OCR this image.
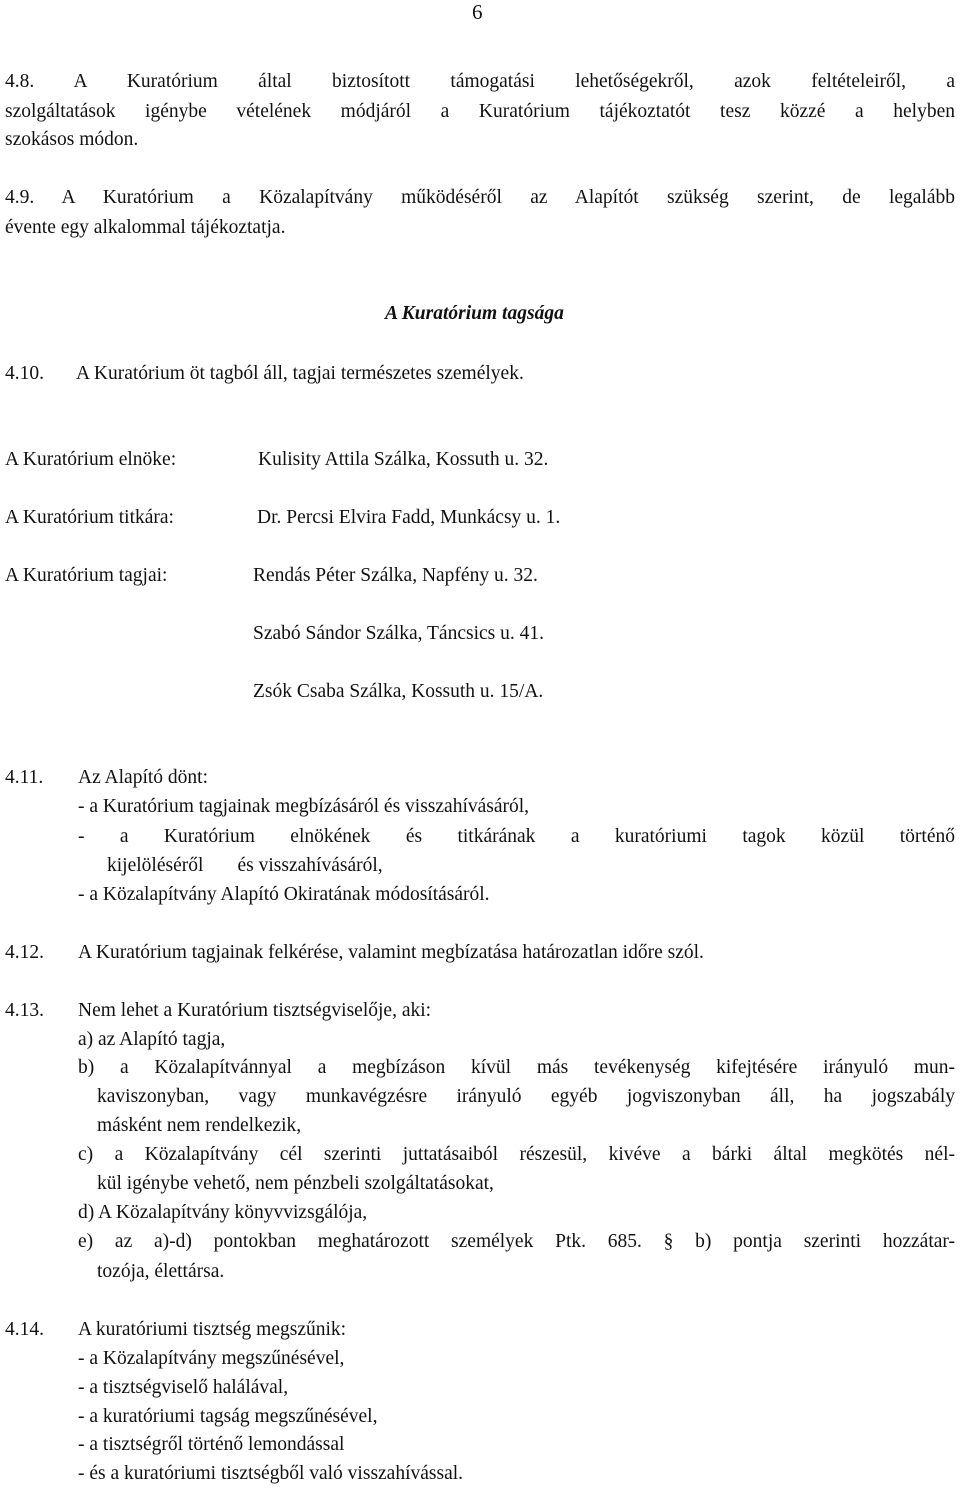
6
4.8. A Kuratórium által biztosított támogatási lehetőségekről, azok feltételeiről, a
szolgáltatások igénybe vételének módjáról a Kuratórium tájékoztatót tesz közzé a helyben
szokásos módon.
4.9. A Kuratórium a Közalapítvány működéséről az Alapítót szükség szerint, de legalább
évente egy alkalommal tájékoztatja.
A Kuratórium tagsága
4.10. A Kuratórium öt tagból áll, tagjai természetes személyek.
A Kuratórium elnöke:	Kulisity Attila Szálka, Kossuth u. 32.
A Kuratórium titkára:	Dr. Percsi Elvira Fadd, Munkácsy u. 1.
A Kuratórium tagjai:	Rendás Péter Szálka, Napfény u. 32.
Szabó Sándor Szálka, Táncsics u. 41.
Zsók Csaba Szálka, Kossuth u. 15/A.
4.11. Az Alapító dönt:
- a Kuratórium tagjainak megbízásáról és visszahívásáról,
- a Kuratórium elnökének és titkárának a kuratóriumi tagok közül történő
kijelöléséről       és visszahívásáról,
- a Közalapítvány Alapító Okiratának módosításáról.
4.12. A Kuratórium tagjainak felkérése, valamint megbízatása határozatlan időre szól.
4.13. Nem lehet a Kuratórium tisztségviselője, aki:
a) az Alapító tagja,
b) a Közalapítvánnyal a megbízáson kívül más tevékenység kifejtésére irányuló mun-
kaviszonyban, vagy munkavégzésre irányuló egyéb jogviszonyban áll, ha jogszabály
másként nem rendelkezik,
c) a Közalapítvány cél szerinti juttatásaiból részesül, kivéve a bárki által megkötés nél-
kül igénybe vehető, nem pénzbeli szolgáltatásokat,
d) A Közalapítvány könyvvizsgálója,
e) az a)-d) pontokban meghatározott személyek Ptk. 685. § b) pontja szerinti hozzátar-
tozója, élettársa.
4.14. A kuratóriumi tisztség megszűnik:
- a Közalapítvány megszűnésével,
- a tisztségviselő halálával,
- a kuratóriumi tagság megszűnésével,
- a tisztségről történő lemondással
- és a kuratóriumi tisztségből való visszahívással.
